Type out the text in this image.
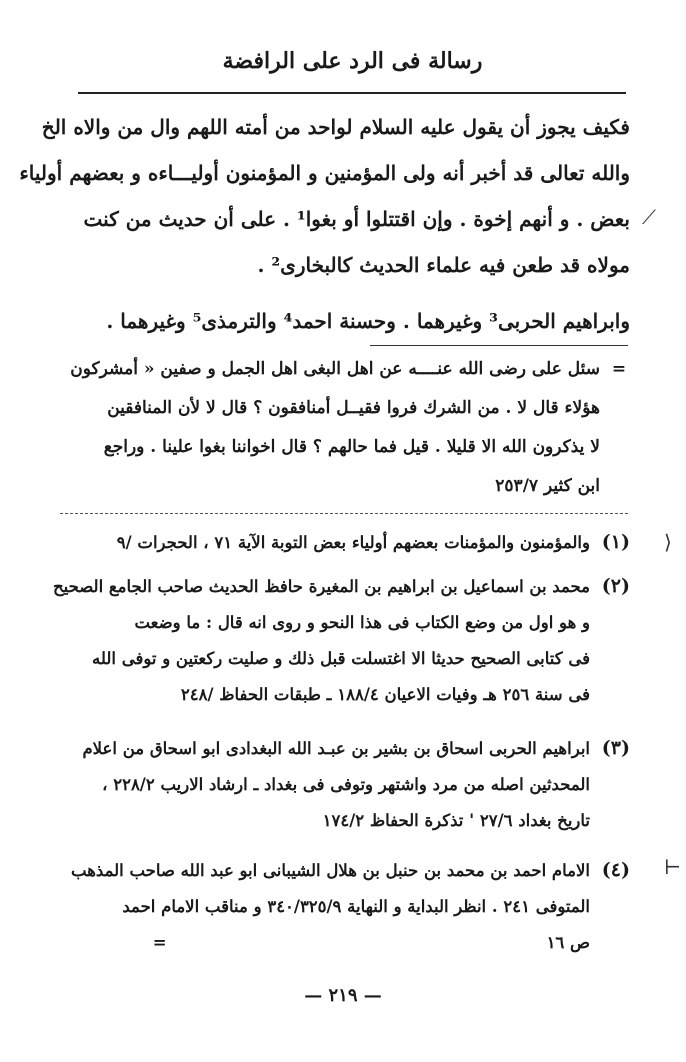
رسالة فى الرد على الرافضة
فكيف يجوز أن يقول عليه السلام لواحد من أمته اللهم وال من والاه الخ
والله تعالى قد أخبر أنه ولى المؤمنين و المؤمنون أوليـــاءه و بعضهم أولياء
بعض . و أنهم إخوة . وإن اقتتلوا أو بغوا¹ . على أن حديث من كنت
مولاه قد طعن فيه علماء الحديث كالبخارى² .
وابراهيم الحربى³ وغيرهما . وحسنة احمد⁴ والترمذى⁵ وغيرهما .
=سئل على رضى الله عنــــه عن اهل البغى اهل الجمل و صفين « أمشركون
هؤلاء قال لا . من الشرك فروا فقيــل أمنافقون ؟ قال لا لأن المنافقين
لا يذكرون الله الا قليلا . قيل فما حالهم ؟ قال اخواننا بغوا علينا . وراجع
ابن كثير ٢٥٣/٧
(١)والمؤمنون والمؤمنات بعضهم أولياء بعض التوبة الآية ٧١ ، الحجرات /٩
(٢)محمد بن اسماعيل بن ابراهيم بن المغيرة حافظ الحديث صاحب الجامع الصحيح
و هو اول من وضع الكتاب فى هذا النحو و روى انه قال : ما وضعت
فى كتابى الصحيح حديثا الا اغتسلت قبل ذلك و صليت ركعتين و توفى الله
فى سنة ٢٥٦ هـ وفيات الاعيان ١٨٨/٤ ـ طبقات الحفاظ /٢٤٨
(٣)ابراهيم الحربى اسحاق بن بشير بن عبـد الله البغدادى ابو اسحاق من اعلام
المحدثين اصله من مرد واشتهر وتوفى فى بغداد ـ ارشاد الاريب ٢٢٨/٢ ،
تاريخ بغداد ٢٧/٦ ' تذكرة الحفاظ ١٧٤/٢
(٤)الامام احمد بن محمد بن حنبل بن هلال الشيبانى ابو عبد الله صاحب المذهب
المتوفى ٢٤١ . انظر البداية و النهاية ٣٤٠/٣٢٥/٩ و مناقب الامام احمد
ص ١٦=
— ٢١٩ —
⟋
⟩
⊢
